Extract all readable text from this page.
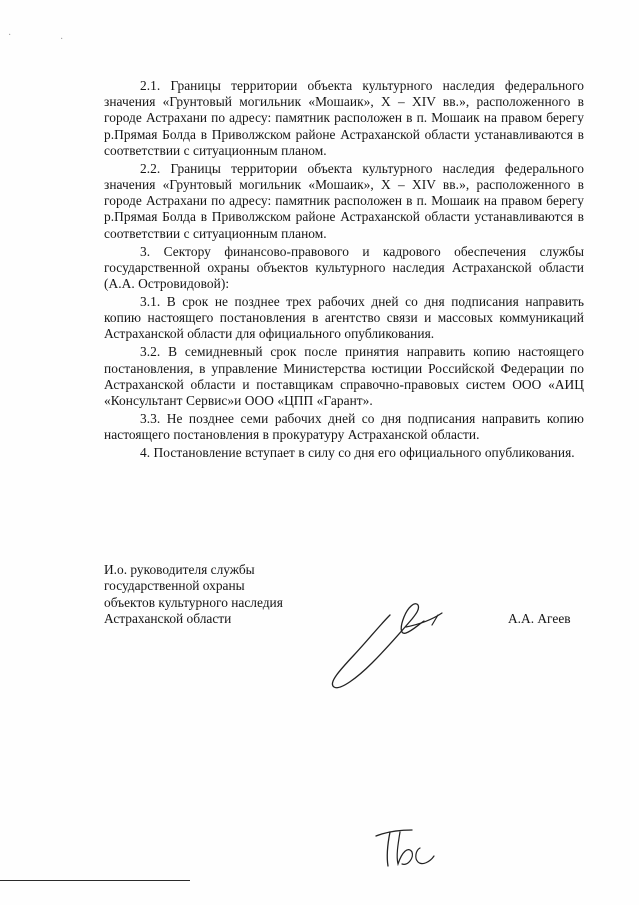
·	·

2.1. Границы территории объекта культурного наследия федерального значения «Грунтовый могильник «Мошаик», X – XIV вв.», расположенного в городе Астрахани по адресу: памятник расположен в п. Мошаик на правом берегу р.Прямая Болда в Приволжском районе Астраханской области устанавливаются в соответствии с ситуационным планом.

2.2. Границы территории объекта культурного наследия федерального значения «Грунтовый могильник «Мошаик», X – XIV вв.», расположенного в городе Астрахани по адресу: памятник расположен в п. Мошаик на правом берегу р.Прямая Болда в Приволжском районе Астраханской области устанавливаются в соответствии с ситуационным планом.

3. Сектору финансово-правового и кадрового обеспечения службы государственной охраны объектов культурного наследия Астраханской области (А.А. Островидовой):

3.1. В срок не позднее трех рабочих дней со дня подписания направить копию настоящего постановления в агентство связи и массовых коммуникаций Астраханской области для официального опубликования.

3.2. В семидневный срок после принятия направить копию настоящего постановления, в управление Министерства юстиции Российской Федерации по Астраханской области и поставщикам справочно-правовых систем ООО «АИЦ «Консультант Сервис»и ООО «ЦПП «Гарант».

3.3. Не позднее семи рабочих дней со дня подписания направить копию настоящего постановления в прокуратуру Астраханской области.

4. Постановление вступает в силу со дня его официального опубликования.

И.о. руководителя службы
государственной охраны
объектов культурного наследия
Астраханской области	А.А. Агеев
